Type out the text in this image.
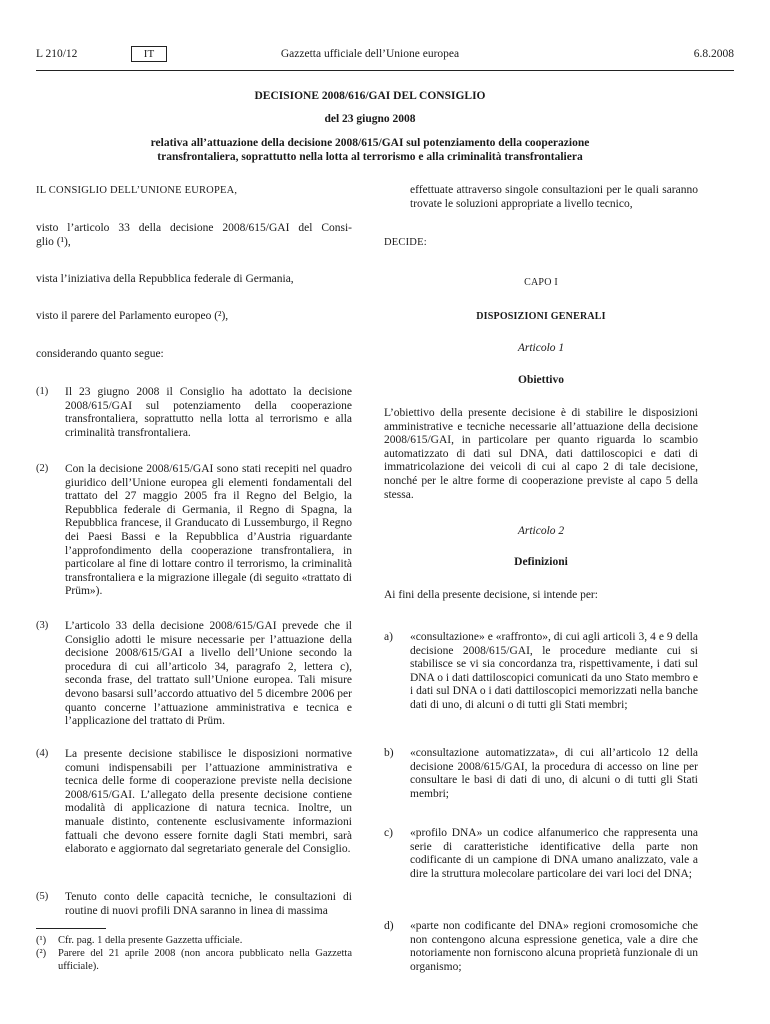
L 210/12	IT	Gazzetta ufficiale dell’Unione europea	6.8.2008
DECISIONE 2008/616/GAI DEL CONSIGLIO
del 23 giugno 2008
relativa all’attuazione della decisione 2008/615/GAI sul potenziamento della cooperazione
transfrontaliera, soprattutto nella lotta al terrorismo e alla criminalità transfrontaliera
IL CONSIGLIO DELL’UNIONE EUROPEA,
visto l’articolo 33 della decisione 2008/615/GAI del Consi-
glio (¹),
vista l’iniziativa della Repubblica federale di Germania,
visto il parere del Parlamento europeo (²),
considerando quanto segue:
(1) Il 23 giugno 2008 il Consiglio ha adottato la decisione 2008/615/GAI sul potenziamento della cooperazione transfrontaliera, soprattutto nella lotta al terrorismo e alla criminalità transfrontaliera.
(2) Con la decisione 2008/615/GAI sono stati recepiti nel quadro giuridico dell’Unione europea gli elementi fondamentali del trattato del 27 maggio 2005 fra il Regno del Belgio, la Repubblica federale di Germania, il Regno di Spagna, la Repubblica francese, il Granducato di Lussemburgo, il Regno dei Paesi Bassi e la Repubblica d’Austria riguardante l’approfondimento della cooperazione transfrontaliera, in particolare al fine di lottare contro il terrorismo, la criminalità transfrontaliera e la migrazione illegale (di seguito «trattato di Prüm»).
(3) L’articolo 33 della decisione 2008/615/GAI prevede che il Consiglio adotti le misure necessarie per l’attuazione della decisione 2008/615/GAI a livello dell’Unione secondo la procedura di cui all’articolo 34, paragrafo 2, lettera c), seconda frase, del trattato sull’Unione europea. Tali misure devono basarsi sull’accordo attuativo del 5 dicembre 2006 per quanto concerne l’attuazione amministrativa e tecnica e l’applicazione del trattato di Prüm.
(4) La presente decisione stabilisce le disposizioni normative comuni indispensabili per l’attuazione amministrativa e tecnica delle forme di cooperazione previste nella decisione 2008/615/GAI. L’allegato della presente decisione contiene modalità di applicazione di natura tecnica. Inoltre, un manuale distinto, contenente esclusivamente informazioni fattuali che devono essere fornite dagli Stati membri, sarà elaborato e aggiornato dal segretariato generale del Consiglio.
(5) Tenuto conto delle capacità tecniche, le consultazioni di routine di nuovi profili DNA saranno in linea di massima
(¹) Cfr. pag. 1 della presente Gazzetta ufficiale.
(²) Parere del 21 aprile 2008 (non ancora pubblicato nella Gazzetta ufficiale).
effettuate attraverso singole consultazioni per le quali saranno trovate le soluzioni appropriate a livello tecnico,
DECIDE:
CAPO I
DISPOSIZIONI GENERALI
Articolo 1
Obiettivo
L’obiettivo della presente decisione è di stabilire le disposizioni amministrative e tecniche necessarie all’attuazione della decisione 2008/615/GAI, in particolare per quanto riguarda lo scambio automatizzato di dati sul DNA, dati dattiloscopici e dati di immatricolazione dei veicoli di cui al capo 2 di tale decisione, nonché per le altre forme di cooperazione previste al capo 5 della stessa.
Articolo 2
Definizioni
Ai fini della presente decisione, si intende per:
a) «consultazione» e «raffronto», di cui agli articoli 3, 4 e 9 della decisione 2008/615/GAI, le procedure mediante cui si stabilisce se vi sia concordanza tra, rispettivamente, i dati sul DNA o i dati dattiloscopici comunicati da uno Stato membro e i dati sul DNA o i dati dattiloscopici memorizzati nella banche dati di uno, di alcuni o di tutti gli Stati membri;
b) «consultazione automatizzata», di cui all’articolo 12 della decisione 2008/615/GAI, la procedura di accesso on line per consultare le basi di dati di uno, di alcuni o di tutti gli Stati membri;
c) «profilo DNA» un codice alfanumerico che rappresenta una serie di caratteristiche identificative della parte non codificante di un campione di DNA umano analizzato, vale a dire la struttura molecolare particolare dei vari loci del DNA;
d) «parte non codificante del DNA» regioni cromosomiche che non contengono alcuna espressione genetica, vale a dire che notoriamente non forniscono alcuna proprietà funzionale di un organismo;
